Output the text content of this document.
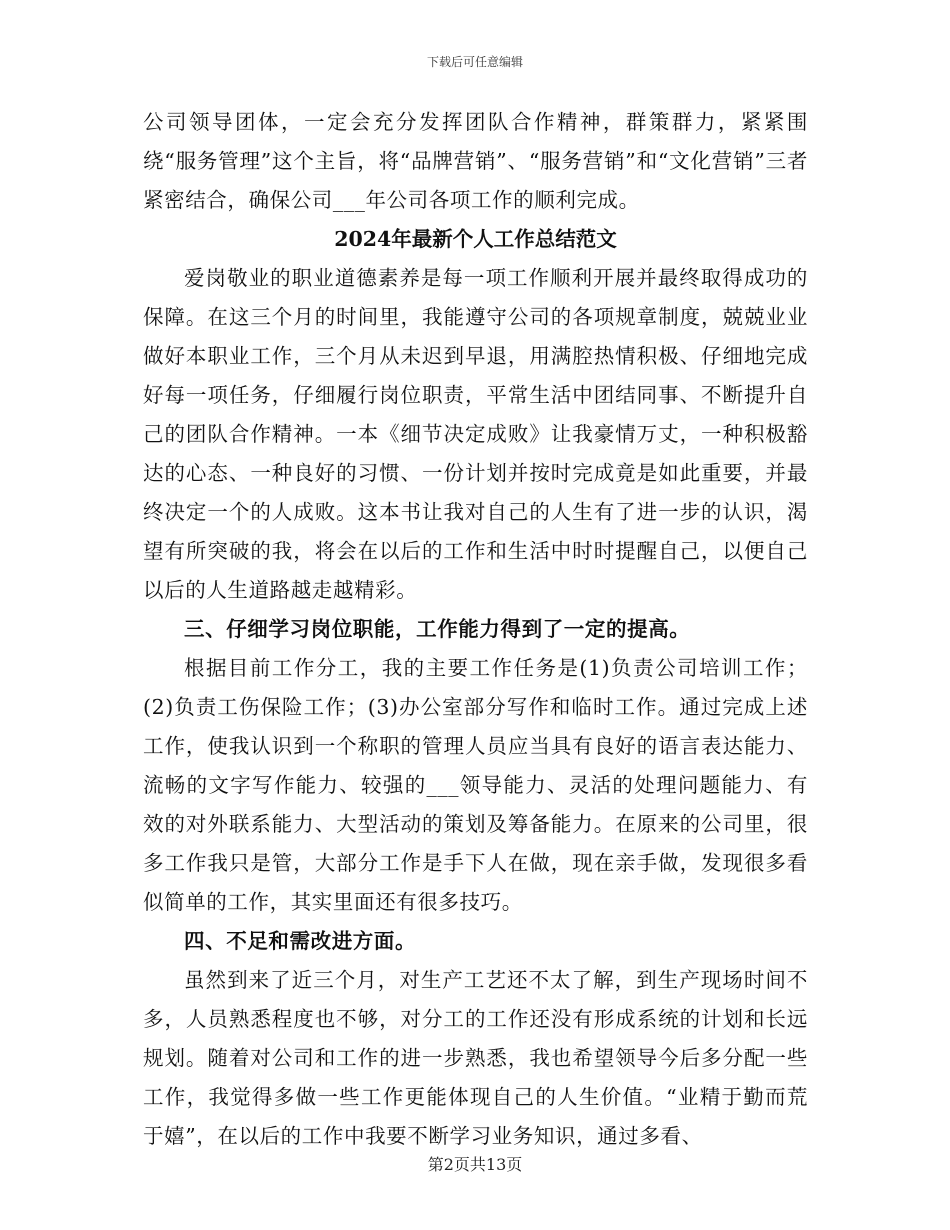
下载后可任意编辑

公司领导团体，一定会充分发挥团队合作精神，群策群力，紧紧围绕“服务管理”这个主旨，将“品牌营销”、“服务营销”和“文化营销”三者紧密结合，确保公司___年公司各项工作的顺利完成。

2024年最新个人工作总结范文

爱岗敬业的职业道德素养是每一项工作顺利开展并最终取得成功的保障。在这三个月的时间里，我能遵守公司的各项规章制度，兢兢业业做好本职业工作，三个月从未迟到早退，用满腔热情积极、仔细地完成好每一项任务，仔细履行岗位职责，平常生活中团结同事、不断提升自己的团队合作精神。一本《细节决定成败》让我豪情万丈，一种积极豁达的心态、一种良好的习惯、一份计划并按时完成竟是如此重要，并最终决定一个的人成败。这本书让我对自己的人生有了进一步的认识，渴望有所突破的我，将会在以后的工作和生活中时时提醒自己，以便自己以后的人生道路越走越精彩。

三、仔细学习岗位职能，工作能力得到了一定的提高。

根据目前工作分工，我的主要工作任务是(1)负责公司培训工作；(2)负责工伤保险工作；(3)办公室部分写作和临时工作。通过完成上述工作，使我认识到一个称职的管理人员应当具有良好的语言表达能力、流畅的文字写作能力、较强的___领导能力、灵活的处理问题能力、有效的对外联系能力、大型活动的策划及筹备能力。在原来的公司里，很多工作我只是管，大部分工作是手下人在做，现在亲手做，发现很多看似简单的工作，其实里面还有很多技巧。

四、不足和需改进方面。

虽然到来了近三个月，对生产工艺还不太了解，到生产现场时间不多，人员熟悉程度也不够，对分工的工作还没有形成系统的计划和长远规划。随着对公司和工作的进一步熟悉，我也希望领导今后多分配一些工作，我觉得多做一些工作更能体现自己的人生价值。“业精于勤而荒于嬉”，在以后的工作中我要不断学习业务知识，通过多看、

第2页共13页
